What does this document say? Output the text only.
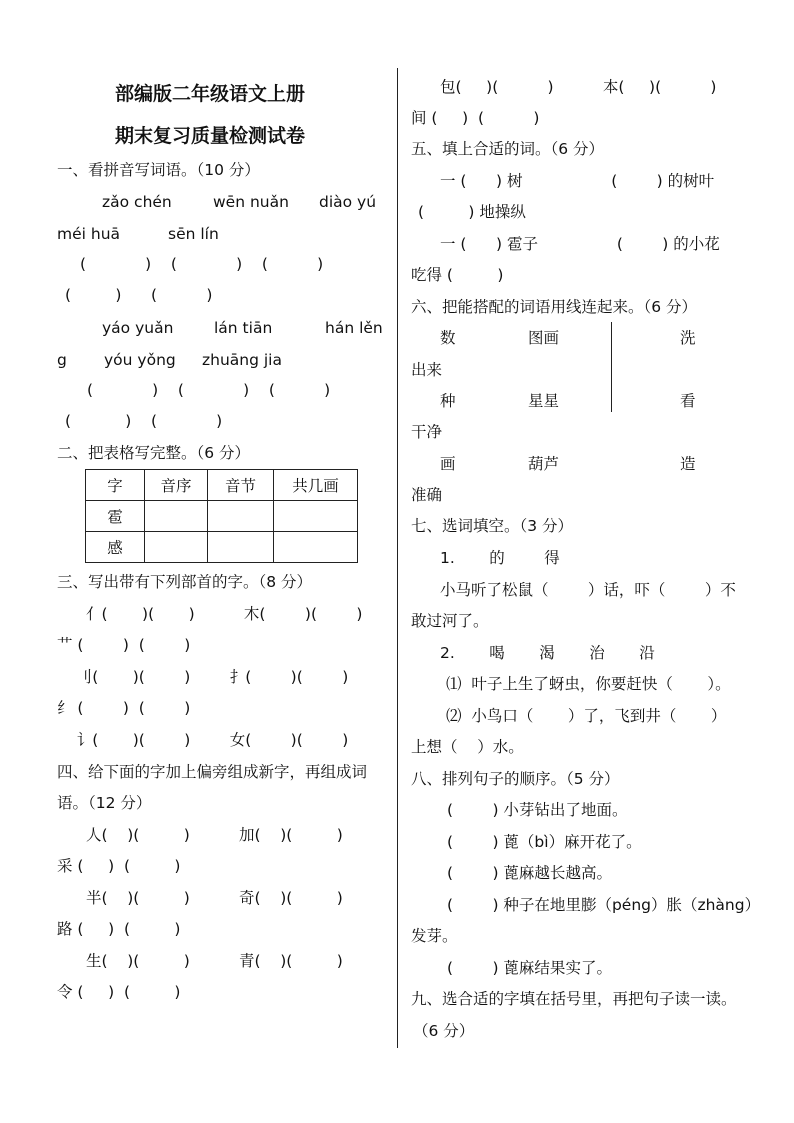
部编版二年级语文上册
期末复习质量检测试卷
一、看拼音写词语。（10 分）
zǎo chén	wēn nuǎn diào yú
méi huā	sēn lín
(            )    (            )    (          )
(         )      (          )
yáo yuǎn	lán tiān	hán lěn
g yóu yǒng zhuāng jia
(            )    (            )    (          )
(           )    (            )
二、把表格写完整。（6 分）
字	音序	音节	共几画
雹			
感			
三、写出带有下列部首的字。（8 分）
亻(       )(       )          木(        )(        )
艹 (        )  (        )
刂(       )(        )        扌(        )(        )
纟 (        )  (        )
讠(       )(        )        女(        )(        )
四、给下面的字加上偏旁组成新字，再组成词
语。（12 分）
人(    )(         )          加(    )(         )
采 (     )  (         )
半(    )(         )          奇(    )(         )
路 (     )  (         )
生(    )(         )          青(    )(         )
令 (     )  (         )
包(     )(          )          本(     )(          )
间 (     )  (          )
五、填上合适的词。（6 分）
一 (      ) 树                  (        ) 的树叶
(         ) 地操纵
一 (      ) 雹子                (        ) 的小花
吃得 (         )
六、把能搭配的词语用线连起来。（6 分）
数	图画	洗
出来
种	星星	看
干净
画	葫芦	造
准确
七、选词填空。（3 分）
1.       的        得
小马听了松鼠（        ）话，吓（        ）不
敢过河了。
2.       喝       渴       治       沿
⑴  叶子上生了蚜虫，你要赶快（       ）。
⑵  小鸟口（       ）了，飞到井（       ）
上想（    ）水。
八、排列句子的顺序。（5 分）
(        ) 小芽钻出了地面。
(        ) 蓖（bì）麻开花了。
(        ) 蓖麻越长越高。
(        ) 种子在地里膨（péng）胀（zhàng）
发芽。
(        ) 蓖麻结果实了。
九、选合适的字填在括号里，再把句子读一读。
（6 分）
